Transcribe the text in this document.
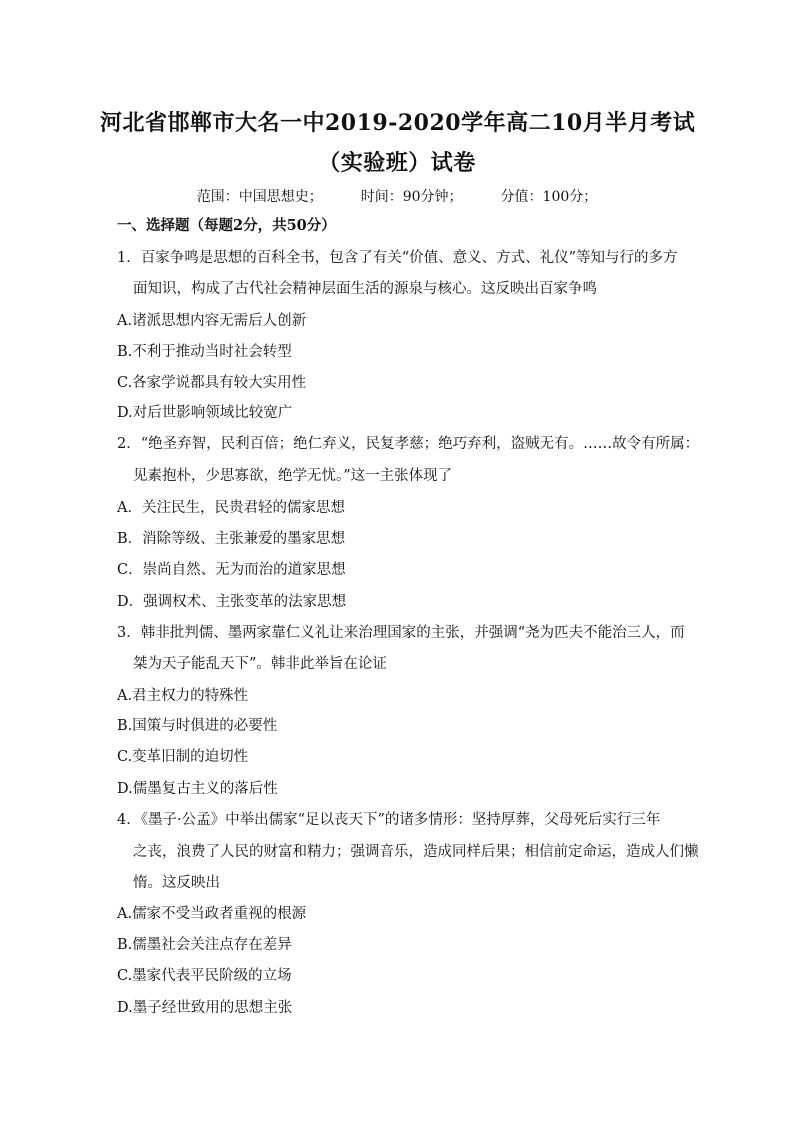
河北省邯郸市大名一中2019-2020学年高二10月半月考试
（实验班）试卷
范围：中国思想史；	时间：90分钟；	分值：100分；
一、选择题（每题2分，共50分）
1．百家争鸣是思想的百科全书，包含了有关“价值、意义、方式、礼仪”等知与行的多方
面知识，构成了古代社会精神层面生活的源泉与核心。这反映出百家争鸣
A.诸派思想内容无需后人创新
B.不利于推动当时社会转型
C.各家学说都具有较大实用性
D.对后世影响领域比较宽广
2．“绝圣弃智，民利百倍；绝仁弃义，民复孝慈；绝巧弃利，盗贼无有。……故令有所属：
见素抱朴，少思寡欲，绝学无忧。”这一主张体现了
A．关注民生，民贵君轻的儒家思想
B．消除等级、主张兼爱的墨家思想
C．崇尚自然、无为而治的道家思想
D．强调权术、主张变革的法家思想
3．韩非批判儒、墨两家靠仁义礼让来治理国家的主张，并强调“尧为匹夫不能治三人，而
桀为天子能乱天下”。韩非此举旨在论证
A.君主权力的特殊性
B.国策与时俱进的必要性
C.变革旧制的迫切性
D.儒墨复古主义的落后性
4．《墨子·公孟》中举出儒家“足以丧天下”的诸多情形：坚持厚葬，父母死后实行三年
之丧，浪费了人民的财富和精力；强调音乐，造成同样后果；相信前定命运，造成人们懒
惰。这反映出
A.儒家不受当政者重视的根源
B.儒墨社会关注点存在差异
C.墨家代表平民阶级的立场
D.墨子经世致用的思想主张
